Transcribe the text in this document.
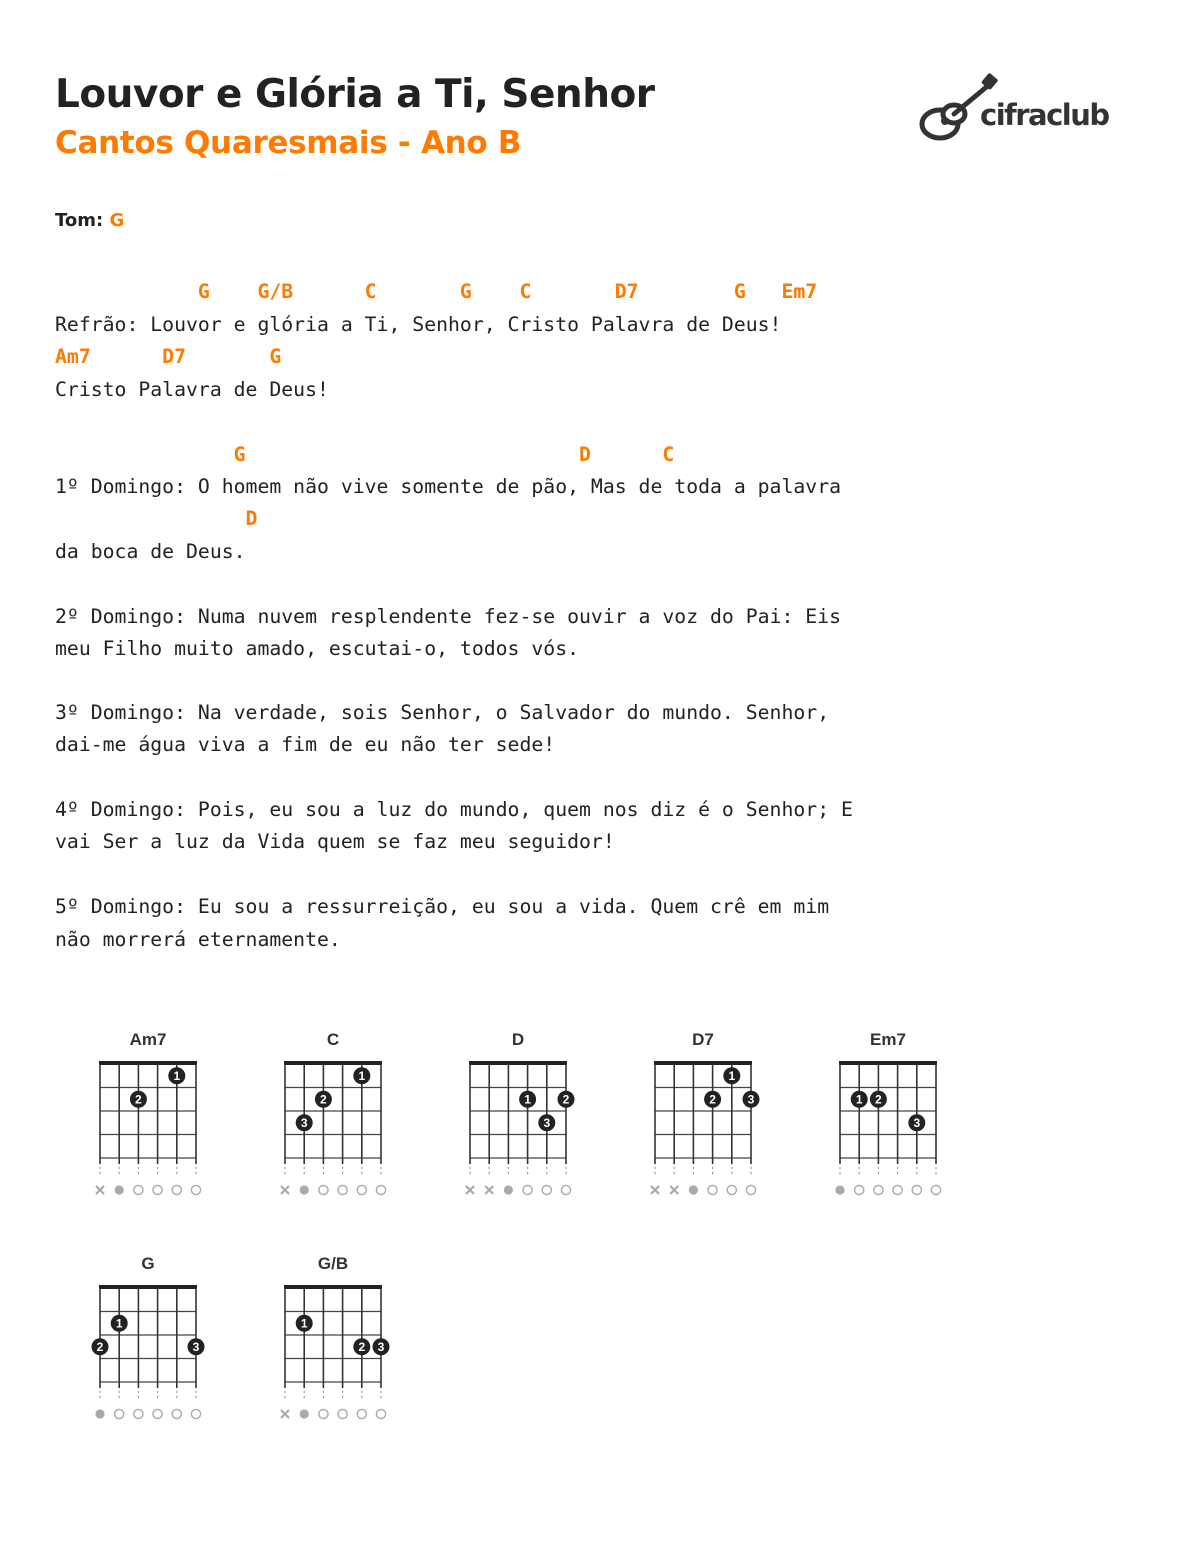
Louvor e Glória a Ti, Senhor
Cantos Quaresmais - Ano B
cifraclub
Tom: G
G    G/B      C       G    C       D7        G   Em7
Refrão: Louvor e glória a Ti, Senhor, Cristo Palavra de Deus!
Am7      D7       G
Cristo Palavra de Deus!
G                            D      C
1º Domingo: O homem não vive somente de pão, Mas de toda a palavra
D
da boca de Deus.
2º Domingo: Numa nuvem resplendente fez-se ouvir a voz do Pai: Eis
meu Filho muito amado, escutai-o, todos vós.
3º Domingo: Na verdade, sois Senhor, o Salvador do mundo. Senhor,
dai-me água viva a fim de eu não ter sede!
4º Domingo: Pois, eu sou a luz do mundo, quem nos diz é o Senhor; E
vai Ser a luz da Vida quem se faz meu seguidor!
5º Domingo: Eu sou a ressurreição, eu sou a vida. Quem crê em mim
não morrerá eternamente.
Am7
1
2
C
1
2
3
D
1	2
3
D7
1
2	3
Em7
1 2
3
G
1
2	3
G/B
1
2 3
